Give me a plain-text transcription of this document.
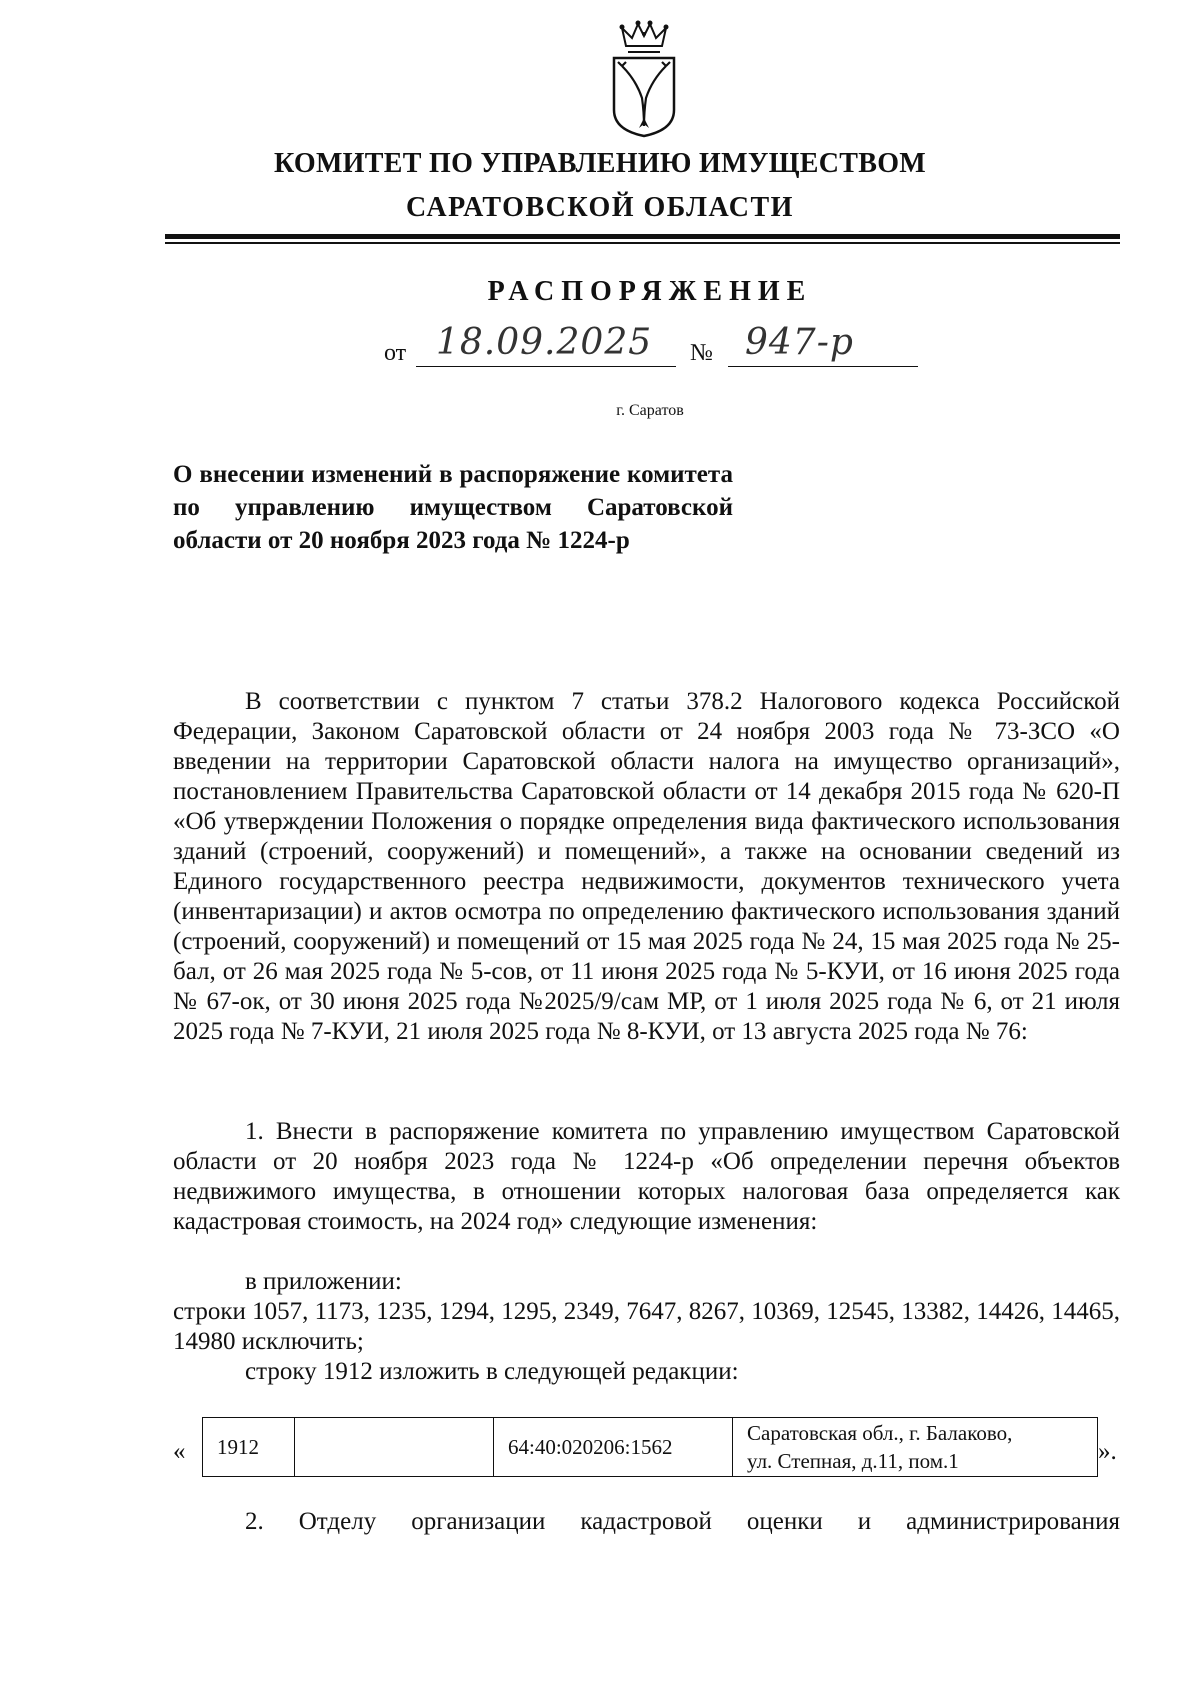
КОМИТЕТ ПО УПРАВЛЕНИЮ ИМУЩЕСТВОМ
САРАТОВСКОЙ ОБЛАСТИ
РАСПОРЯЖЕНИЕ
от 18.09.2025 № 947-р
г. Саратов
О внесении изменений в распоряжение комитета по управлению имуществом Саратовской области от 20 ноября 2023 года № 1224-р
В соответствии с пунктом 7 статьи 378.2 Налогового кодекса Российской Федерации, Законом Саратовской области от 24 ноября 2003 года № 73-ЗСО «О введении на территории Саратовской области налога на имущество организаций», постановлением Правительства Саратовской области от 14 декабря 2015 года № 620-П «Об утверждении Положения о порядке определения вида фактического использования зданий (строений, сооружений) и помещений», а также на основании сведений из Единого государственного реестра недвижимости, документов технического учета (инвентаризации) и актов осмотра по определению фактического использования зданий (строений, сооружений) и помещений от 15 мая 2025 года № 24, 15 мая 2025 года № 25-бал, от 26 мая 2025 года № 5-сов, от 11 июня 2025 года № 5-КУИ, от 16 июня 2025 года № 67-ок, от 30 июня 2025 года №2025/9/сам МР, от 1 июля 2025 года № 6, от 21 июля 2025 года № 7-КУИ, 21 июля 2025 года № 8-КУИ, от 13 августа 2025 года № 76:
1. Внести в распоряжение комитета по управлению имуществом Саратовской области от 20 ноября 2023 года № 1224-р «Об определении перечня объектов недвижимого имущества, в отношении которых налоговая база определяется как кадастровая стоимость, на 2024 год» следующие изменения:
в приложении:
строки 1057, 1173, 1235, 1294, 1295, 2349, 7647, 8267, 10369, 12545, 13382, 14426, 14465, 14980 исключить;
строку 1912 изложить в следующей редакции:
« 1912		64:40:020206:1562	
Саратовская обл., г. Балаково,
ул. Степная, д.11, пом.1	».
2. Отделу организации кадастровой оценки и администрирования
